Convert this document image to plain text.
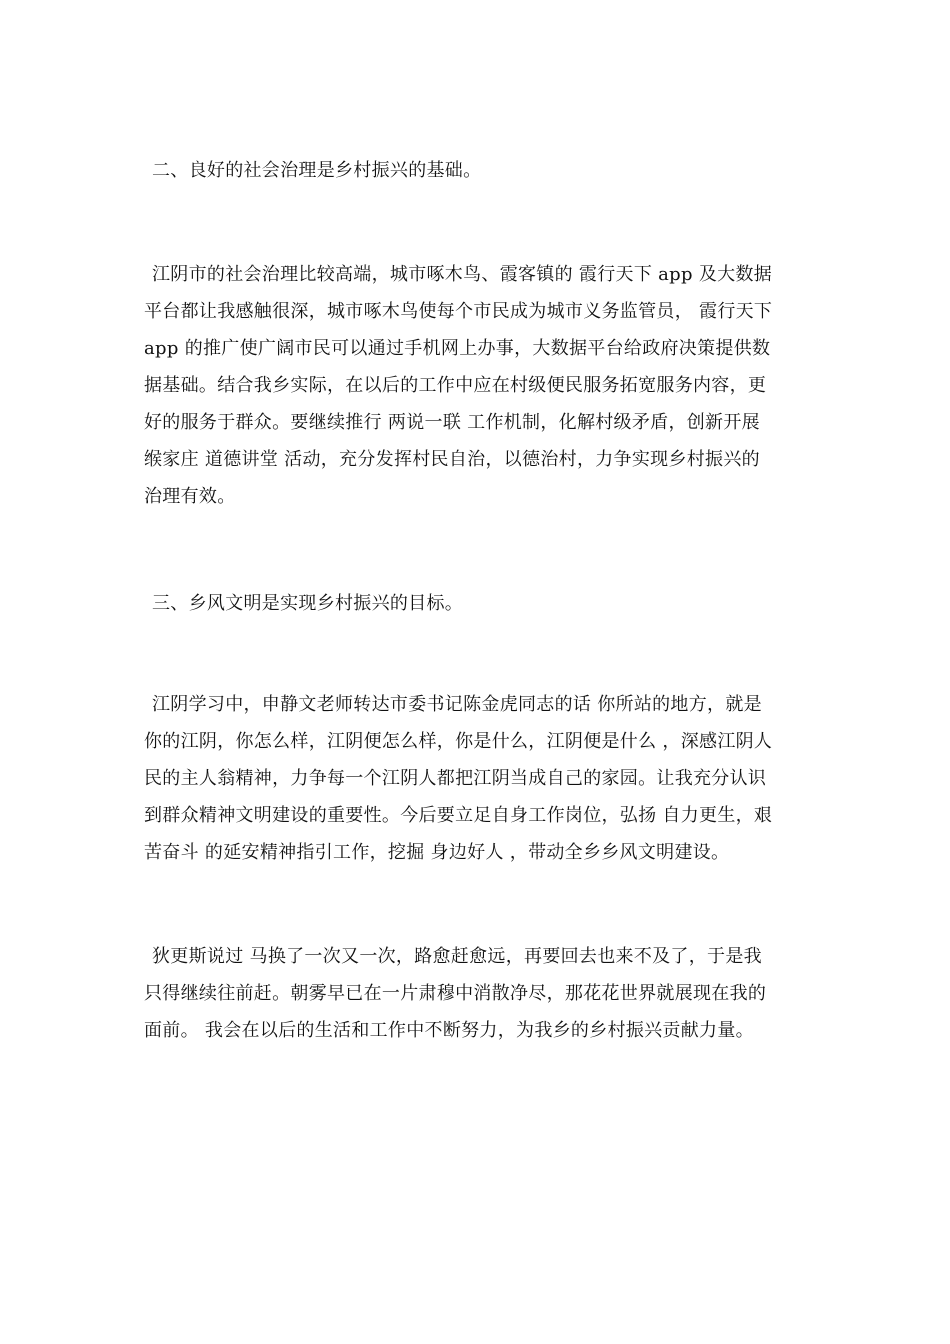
二、良好的社会治理是乡村振兴的基础。
江阴市的社会治理比较高端，城市啄木鸟、霞客镇的 霞行天下 app 及大数据
平台都让我感触很深，城市啄木鸟使每个市民成为城市义务监管员， 霞行天下
app 的推广使广阔市民可以通过手机网上办事，大数据平台给政府决策提供数
据基础。结合我乡实际，在以后的工作中应在村级便民服务拓宽服务内容，更
好的服务于群众。要继续推行 两说一联 工作机制，化解村级矛盾，创新开展
缑家庄 道德讲堂 活动，充分发挥村民自治，以德治村，力争实现乡村振兴的
治理有效。
三、乡风文明是实现乡村振兴的目标。
江阴学习中，申静文老师转达市委书记陈金虎同志的话 你所站的地方，就是
你的江阴，你怎么样，江阴便怎么样，你是什么，江阴便是什么 ，深感江阴人
民的主人翁精神，力争每一个江阴人都把江阴当成自己的家园。让我充分认识
到群众精神文明建设的重要性。今后要立足自身工作岗位，弘扬 自力更生，艰
苦奋斗 的延安精神指引工作，挖掘 身边好人 ，带动全乡乡风文明建设。
狄更斯说过 马换了一次又一次，路愈赶愈远，再要回去也来不及了，于是我
只得继续往前赶。朝雾早已在一片肃穆中消散净尽，那花花世界就展现在我的
面前。 我会在以后的生活和工作中不断努力，为我乡的乡村振兴贡献力量。
